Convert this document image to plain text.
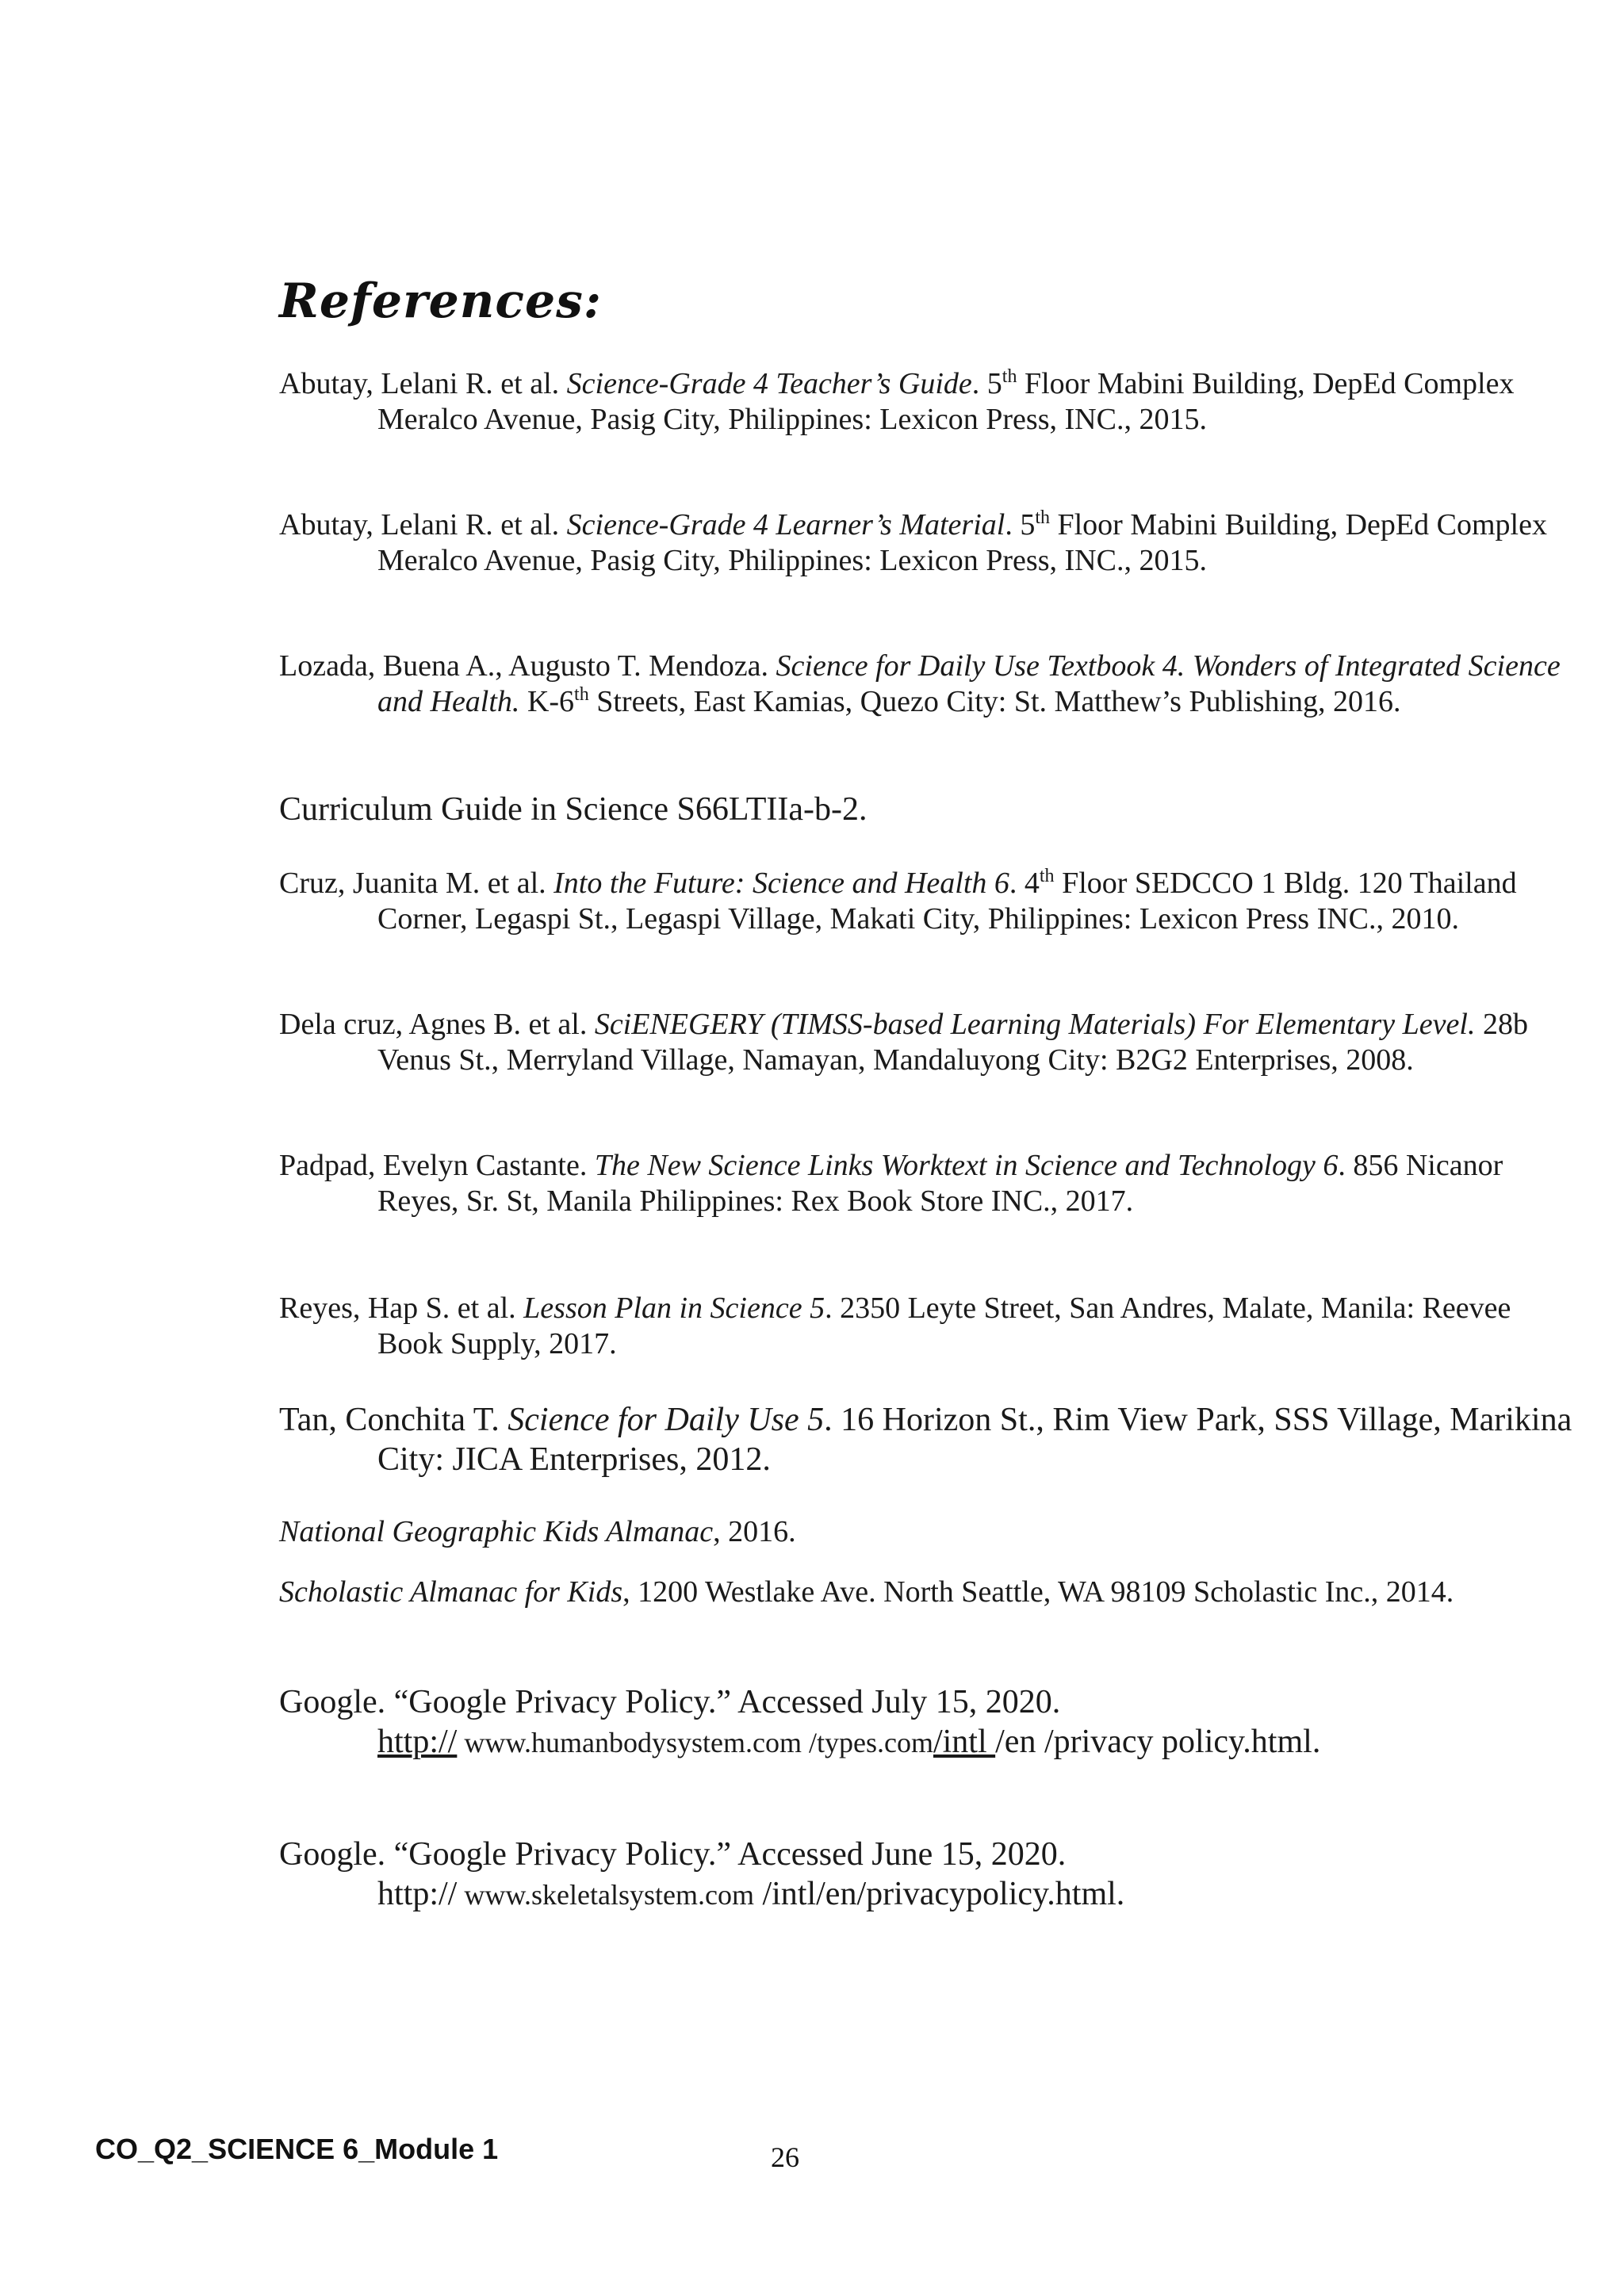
References:

Abutay, Lelani R. et al. Science-Grade 4 Teacher’s Guide. 5th Floor Mabini Building, DepEd Complex Meralco Avenue, Pasig City, Philippines: Lexicon Press, INC., 2015.

Abutay, Lelani R. et al. Science-Grade 4 Learner’s Material. 5th Floor Mabini Building, DepEd Complex Meralco Avenue, Pasig City, Philippines: Lexicon Press, INC., 2015.

Lozada, Buena A., Augusto T. Mendoza. Science for Daily Use Textbook 4. Wonders of Integrated Science and Health. K-6th Streets, East Kamias, Quezo City: St. Matthew’s Publishing, 2016.

Curriculum Guide in Science S66LTIIa-b-2.

Cruz, Juanita M. et al. Into the Future: Science and Health 6. 4th Floor SEDCCO 1 Bldg. 120 Thailand Corner, Legaspi St., Legaspi Village, Makati City, Philippines: Lexicon Press INC., 2010.

Dela cruz, Agnes B. et al. SciENEGERY (TIMSS-based Learning Materials) For Elementary Level. 28b Venus St., Merryland Village, Namayan, Mandaluyong City: B2G2 Enterprises, 2008.

Padpad, Evelyn Castante. The New Science Links Worktext in Science and Technology 6. 856 Nicanor Reyes, Sr. St, Manila Philippines: Rex Book Store INC., 2017.

Reyes, Hap S. et al. Lesson Plan in Science 5. 2350 Leyte Street, San Andres, Malate, Manila: Reevee Book Supply, 2017.

Tan, Conchita T. Science for Daily Use 5. 16 Horizon St., Rim View Park, SSS Village, Marikina City: JICA Enterprises, 2012.

National Geographic Kids Almanac, 2016.

Scholastic Almanac for Kids, 1200 Westlake Ave. North Seattle, WA 98109 Scholastic Inc., 2014.

Google. “Google Privacy Policy.” Accessed July 15, 2020.
http:// www.humanbodysystem.com /types.com/intl /en /privacy policy.html.

Google. “Google Privacy Policy.” Accessed June 15, 2020.
http:// www.skeletalsystem.com /intl/en/privacypolicy.html.

CO_Q2_SCIENCE 6_Module 1	26
